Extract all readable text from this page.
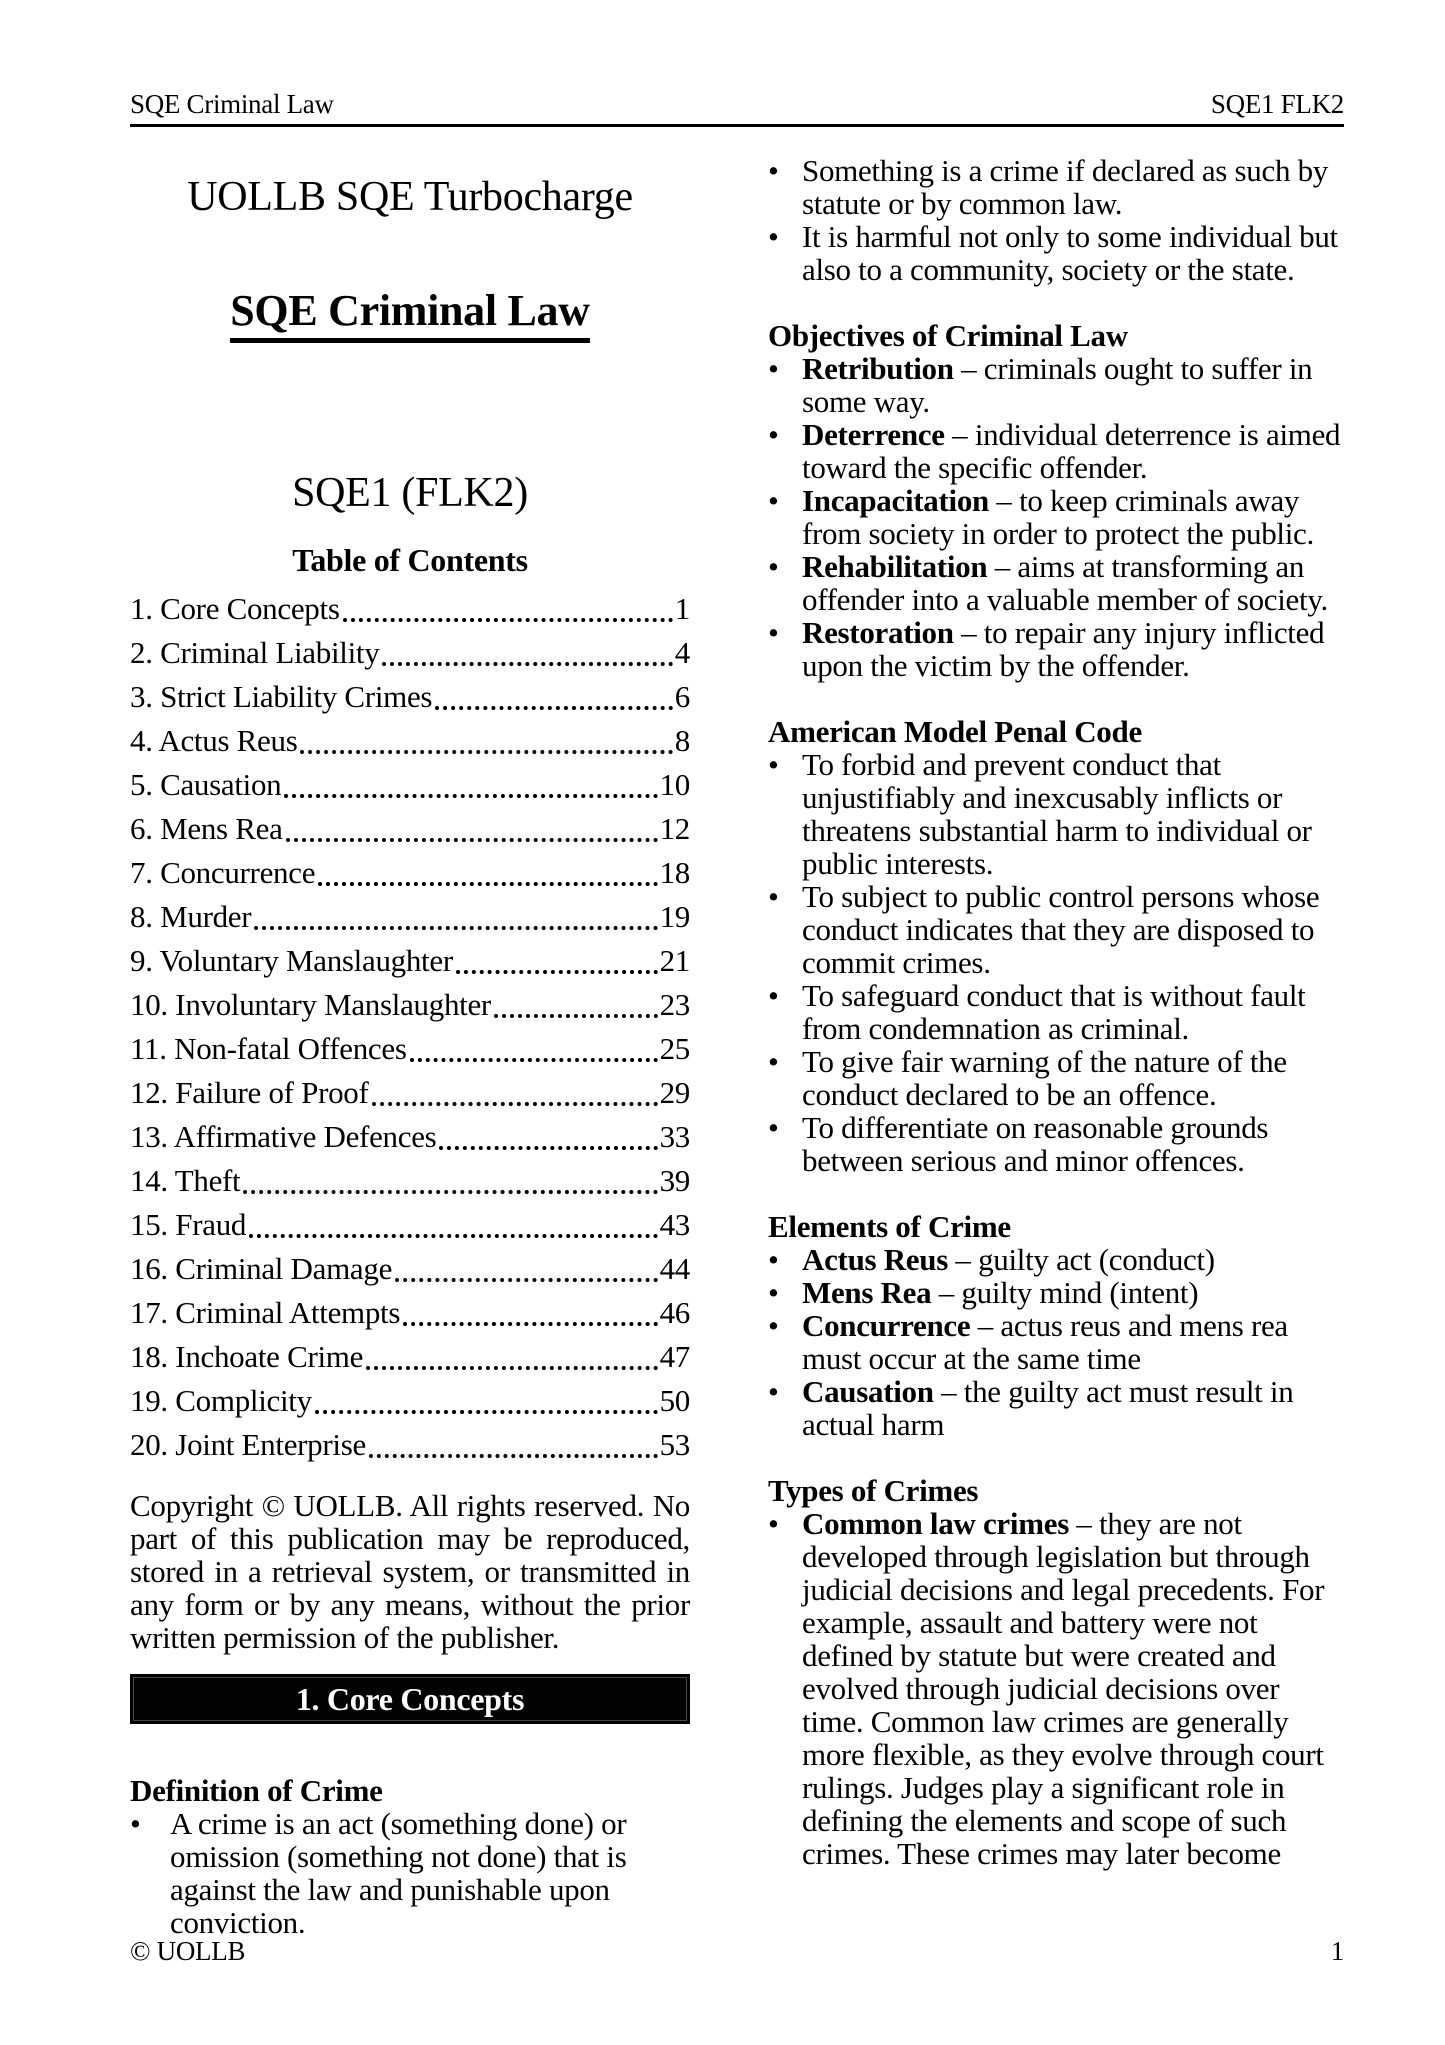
SQE Criminal Law	SQE1 FLK2
UOLLB SQE Turbocharge
SQE Criminal Law
SQE1 (FLK2)
Table of Contents
1. Core Concepts	1
2. Criminal Liability	4
3. Strict Liability Crimes	6
4. Actus Reus	8
5. Causation	10
6. Mens Rea	12
7. Concurrence	18
8. Murder	19
9. Voluntary Manslaughter	21
10. Involuntary Manslaughter	23
11. Non-fatal Offences	25
12. Failure of Proof	29
13. Affirmative Defences	33
14. Theft	39
15. Fraud	43
16. Criminal Damage	44
17. Criminal Attempts	46
18. Inchoate Crime	47
19. Complicity	50
20. Joint Enterprise	53

Copyright © UOLLB. All rights reserved. No part of this publication may be reproduced, stored in a retrieval system, or transmitted in any form or by any means, without the prior written permission of the publisher.

1. Core Concepts
Definition of Crime
• A crime is an act (something done) or omission (something not done) that is against the law and punishable upon conviction.
• Something is a crime if declared as such by statute or by common law.
• It is harmful not only to some individual but also to a community, society or the state.
Objectives of Criminal Law
• Retribution – criminals ought to suffer in some way.
• Deterrence – individual deterrence is aimed toward the specific offender.
• Incapacitation – to keep criminals away from society in order to protect the public.
• Rehabilitation – aims at transforming an offender into a valuable member of society.
• Restoration – to repair any injury inflicted upon the victim by the offender.
American Model Penal Code
• To forbid and prevent conduct that unjustifiably and inexcusably inflicts or threatens substantial harm to individual or public interests.
• To subject to public control persons whose conduct indicates that they are disposed to commit crimes.
• To safeguard conduct that is without fault from condemnation as criminal.
• To give fair warning of the nature of the conduct declared to be an offence.
• To differentiate on reasonable grounds between serious and minor offences.
Elements of Crime
• Actus Reus – guilty act (conduct)
• Mens Rea – guilty mind (intent)
• Concurrence – actus reus and mens rea must occur at the same time
• Causation – the guilty act must result in actual harm
Types of Crimes
• Common law crimes – they are not developed through legislation but through judicial decisions and legal precedents. For example, assault and battery were not defined by statute but were created and evolved through judicial decisions over time. Common law crimes are generally more flexible, as they evolve through court rulings. Judges play a significant role in defining the elements and scope of such crimes. These crimes may later become
© UOLLB	1
